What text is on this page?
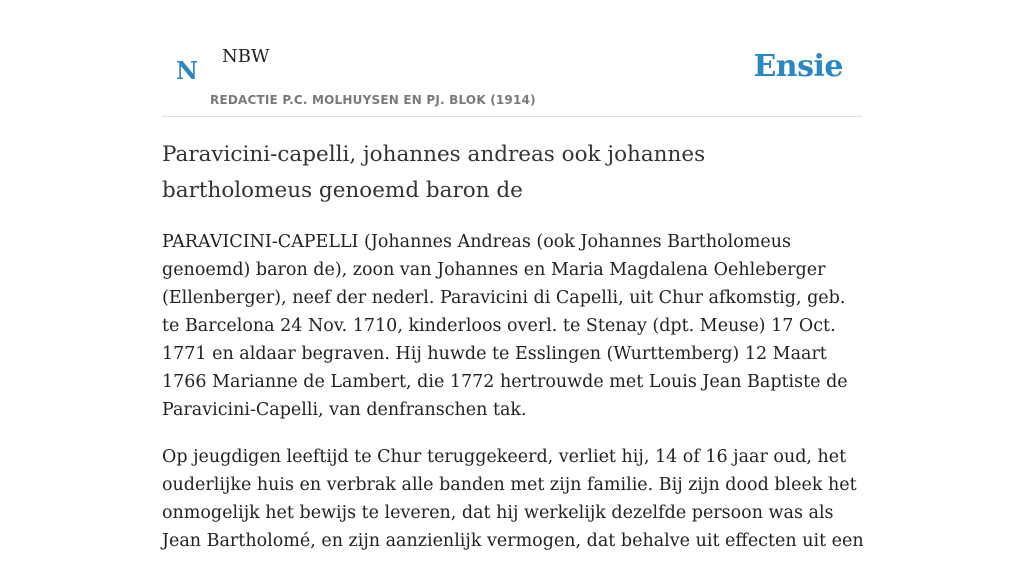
N NBW
REDACTIE P.C. MOLHUYSEN EN PJ. BLOK (1914)
Ensie
Paravicini-capelli, johannes andreas ook johannes bartholomeus genoemd baron de

PARAVICINI-CAPELLI (Johannes Andreas (ook Johannes Bartholomeus genoemd) baron de), zoon van Johannes en Maria Magdalena Oehleberger (Ellenberger), neef der nederl. Paravicini di Capelli, uit Chur afkomstig, geb. te Barcelona 24 Nov. 1710, kinderloos overl. te Stenay (dpt. Meuse) 17 Oct. 1771 en aldaar begraven. Hij huwde te Esslingen (Wurttemberg) 12 Maart 1766 Marianne de Lambert, die 1772 hertrouwde met Louis Jean Baptiste de Paravicini-Capelli, van denfranschen tak.

Op jeugdigen leeftijd te Chur teruggekeerd, verliet hij, 14 of 16 jaar oud, het ouderlijke huis en verbrak alle banden met zijn familie. Bij zijn dood bleek het onmogelijk het bewijs te leveren, dat hij werkelijk dezelfde persoon was als Jean Bartholomé, en zijn aanzienlijk vermogen, dat behalve uit effecten uit een
